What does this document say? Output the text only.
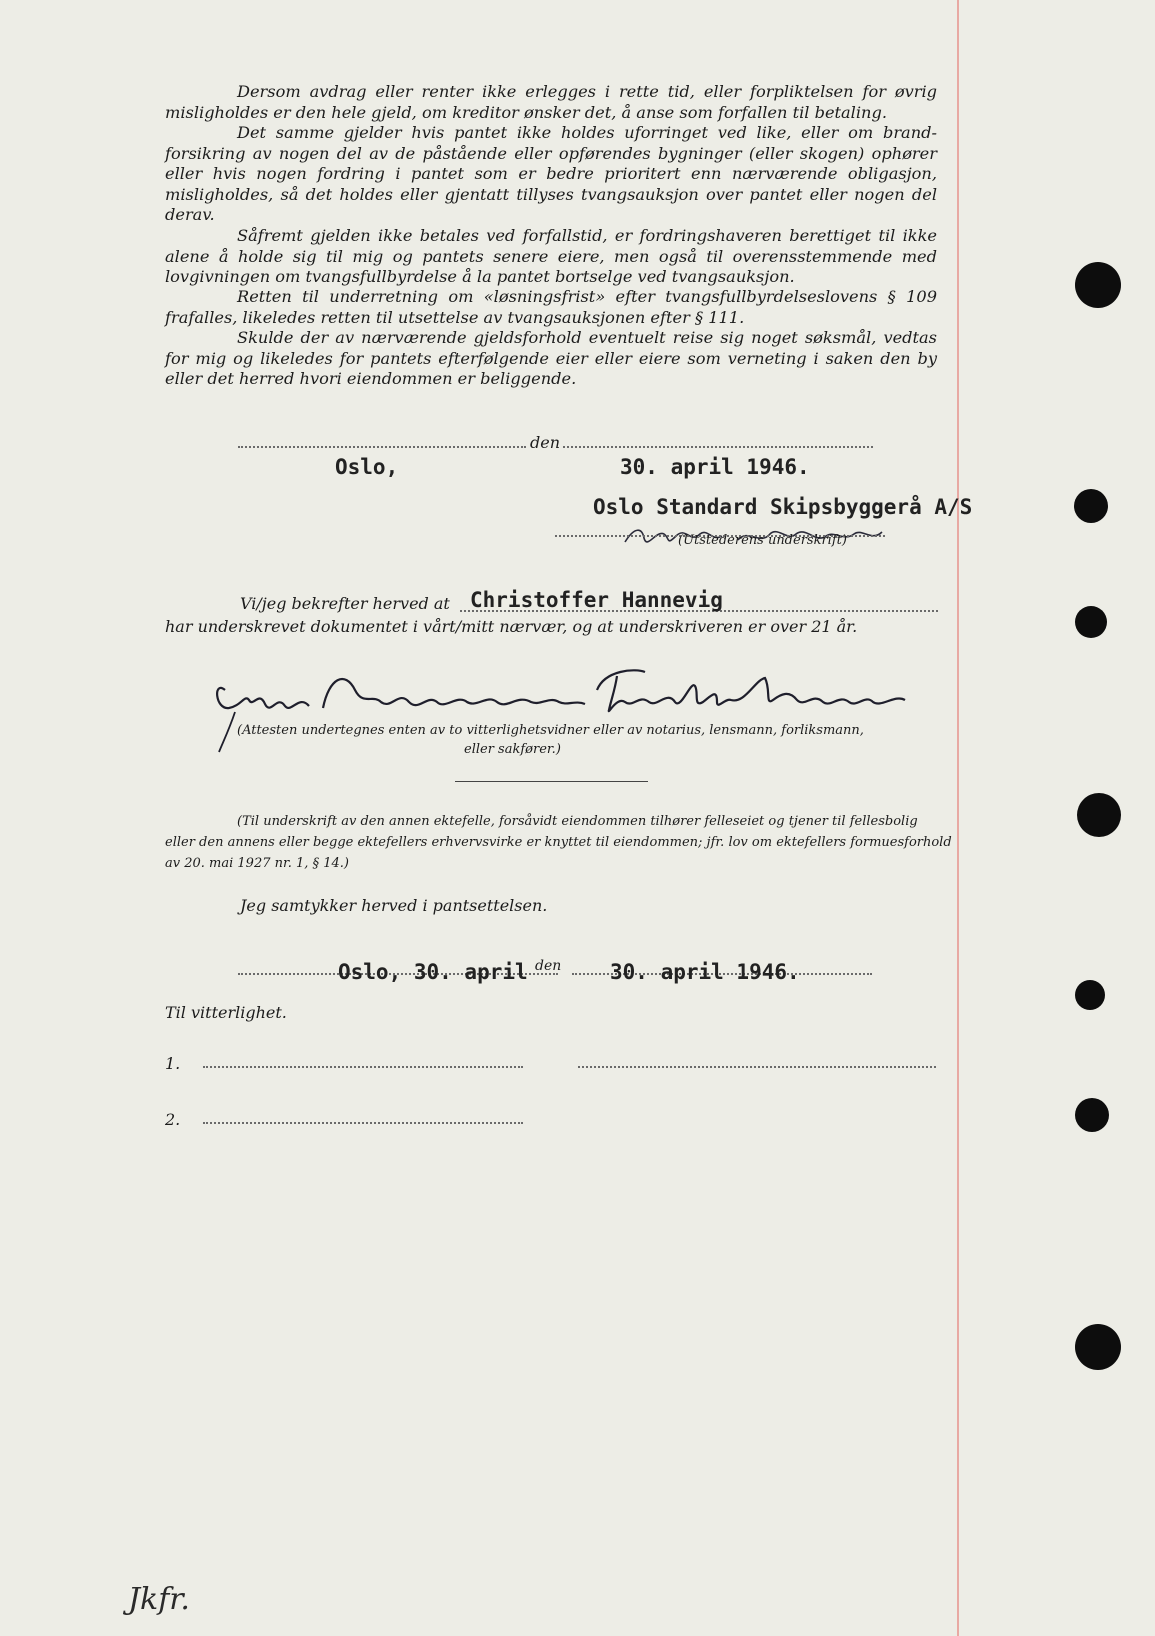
Dersom avdrag eller renter ikke erlegges i rette tid, eller forpliktelsen for øvrig misligholdes er den hele gjeld, om kreditor ønsker det, å anse som forfallen til betaling.

Det samme gjelder hvis pantet ikke holdes uforringet ved like, eller om brandforsikring av nogen del av de påstående eller opførendes bygninger (eller skogen) ophører eller hvis nogen fordring i pantet som er bedre prioritert enn nærværende obligasjon, misligholdes, så det holdes eller gjentatt tillyses tvangsauksjon over pantet eller nogen del derav.

Såfremt gjelden ikke betales ved forfallstid, er fordringshaveren berettiget til ikke alene å holde sig til mig og pantets senere eiere, men også til overensstemmende med lovgivningen om tvangsfullbyrdelse å la pantet bortselge ved tvangsauksjon.

Retten til underretning om «løsningsfrist» efter tvangsfullbyrdelseslovens § 109 frafalles, likeledes retten til utsettelse av tvangsauksjonen efter § 111.

Skulde der av nærværende gjeldsforhold eventuelt reise sig noget søksmål, vedtas for mig og likeledes for pantets efterfølgende eier eller eiere som verneting i saken den by eller det herred hvori eiendommen er beliggende.

den
Oslo,	30. april 1946.
Oslo Standard Skipsbyggerå A/S
(Utstederens underskrift)
Vi/jeg bekrefter herved at Christoffer Hannevig
har underskrevet dokumentet i vårt/mitt nærvær, og at underskriveren er over 21 år.
(Attesten undertegnes enten av to vitterlighetsvidner eller av notarius, lensmann, forliksmann,
eller sakfører.)
(Til underskrift av den annen ektefelle, forsåvidt eiendommen tilhører felleseiet og tjener til fellesbolig
eller den annens eller begge ektefellers erhvervsvirke er knyttet til eiendommen; jfr. lov om ektefellers formuesforhold
av 20. mai 1927 nr. 1, § 14.)
Jeg samtykker herved i pantsettelsen.
Oslo, 30. april den 30. april 1946.
Til vitterlighet.
1.
2.
Jkfr.
